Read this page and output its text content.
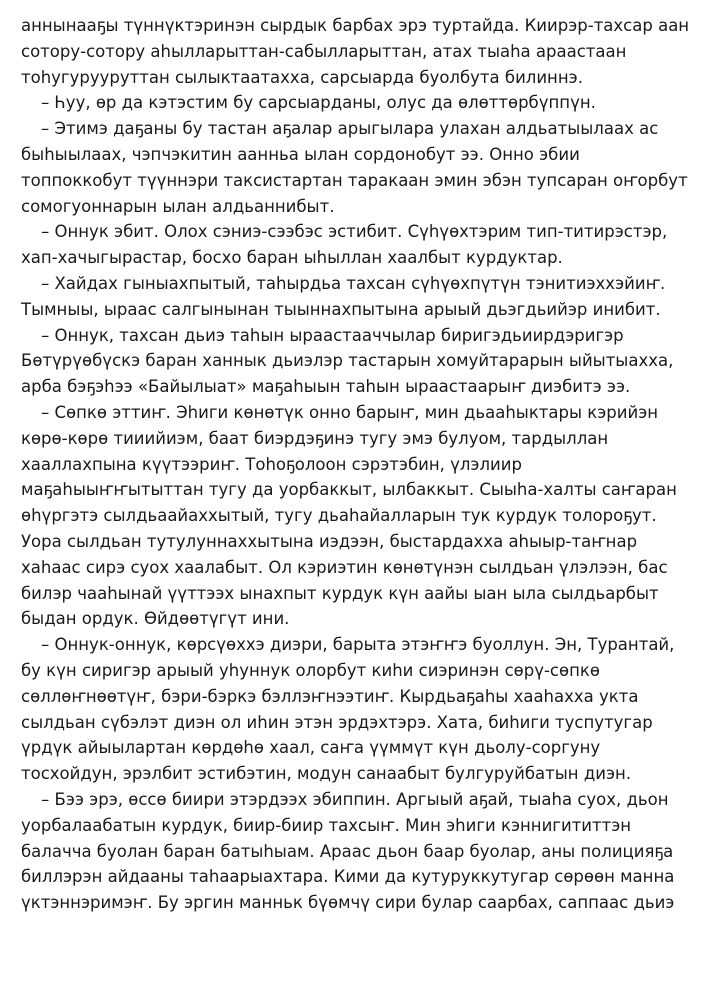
аннынааҕы түннүктэринэн сырдык барбах эрэ туртайда. Киирэр-тахсар аан сотору-сотору аһылларыттан-сабылларыттан, атах тыаһа араастаан тоһугурууруттан сылыктаатахха, сарсыарда буолбута билиннэ.

– Һуу, өр да кэтэстим бу сарсыарданы, олус да өлөттөрбүппүн.

– Этимэ даҕаны бу тастан аҕалар арыгылара улахан алдьатыылаах ас быһыылаах, чэпчэкитин аанньа ылан сордонобут ээ. Онно эбии топпоккобут түүннэри таксистартан таракаан эмин эбэн тупсаран оҥорбут сомогуоннарын ылан алдьаннибыт.

– Оннук эбит. Олох сэниэ-сээбэс эстибит. Сүһүөхтэрим тип-титирэстэр, хап-хачыгырастар, босхо баран ыһыллан хаалбыт курдуктар.

– Хайдах гыныахпытый, таһырдьа тахсан сүһүөхпүтүн тэнитиэххэйиҥ. Тымныы, ыраас салгынынан тыыннахпытына арыый дьэгдьийэр инибит.

– Оннук, тахсан дьиэ таһын ыраастааччылар биригэдьиирдэригэр Бөтүрүөбүскэ баран ханнык дьиэлэр тастарын хомуйтарарын ыйытыахха, арба бэҕэһээ «Байылыат» маҕаһыын таһын ыраастаарыҥ диэбитэ ээ.

– Сөпкө эттиҥ. Эһиги көнөтүк онно барыҥ, мин дьааһыктары кэрийэн көрө-көрө тииийиэм, баат биэрдэҕинэ тугу эмэ булуом, тардыллан хааллахпына күүтээриҥ. Тоһоҕолоон сэрэтэбин, үлэлиир маҕаһыыҥҥытыттан тугу да уорбаккыт, ылбаккыт. Сыыһа-халты саҥаран өһүргэтэ сылдьаайаххытый, тугу дьаһайалларын тук курдук толороҕут. Уора сылдьан тутулуннаххытына иэдээн, быстардахха аһыыр-таҥнар хаһаас сирэ суох хаалабыт. Ол кэриэтин көнөтүнэн сылдьан үлэлээн, бас билэр чааһынай үүттээх ынахпыт курдук күн аайы ыан ыла сылдьарбыт быдан ордук. Өйдөөтүгүт ини.

– Оннук-оннук, көрсүөххэ диэри, барыта этэҥҥэ буоллун. Эн, Турантай, бу күн сиригэр арыый уһуннук олорбут киһи сиэринэн сөрү-сөпкө сөллөҥнөөтүҥ, бэри-бэркэ бэллэҥнээтиҥ. Кырдьаҕаһы хааһахха укта сылдьан сүбэлэт диэн ол иһин этэн эрдэхтэрэ. Хата, биһиги туспутугар үрдүк айыылартан көрдөһө хаал, саҥа үүммүт күн дьолу-соргуну тосхойдун, эрэлбит эстибэтин, модун санаабыт булгуруйбатын диэн.

– Бээ эрэ, өссө биири этэрдээх эбиппин. Аргыый аҕай, тыаһа суох, дьон уорбалаабатын курдук, биир-биир тахсыҥ. Мин эһиги кэннигититтэн балачча буолан баран батыһыам. Араас дьон баар буолар, аны полицияҕа биллэрэн айдааны таһаарыахтара. Кими да кутуруккутугар сөрөөн манна үктэннэримэҥ. Бу эргин манньк бүөмчү сири булар саарбах, саппаас дьиэ
